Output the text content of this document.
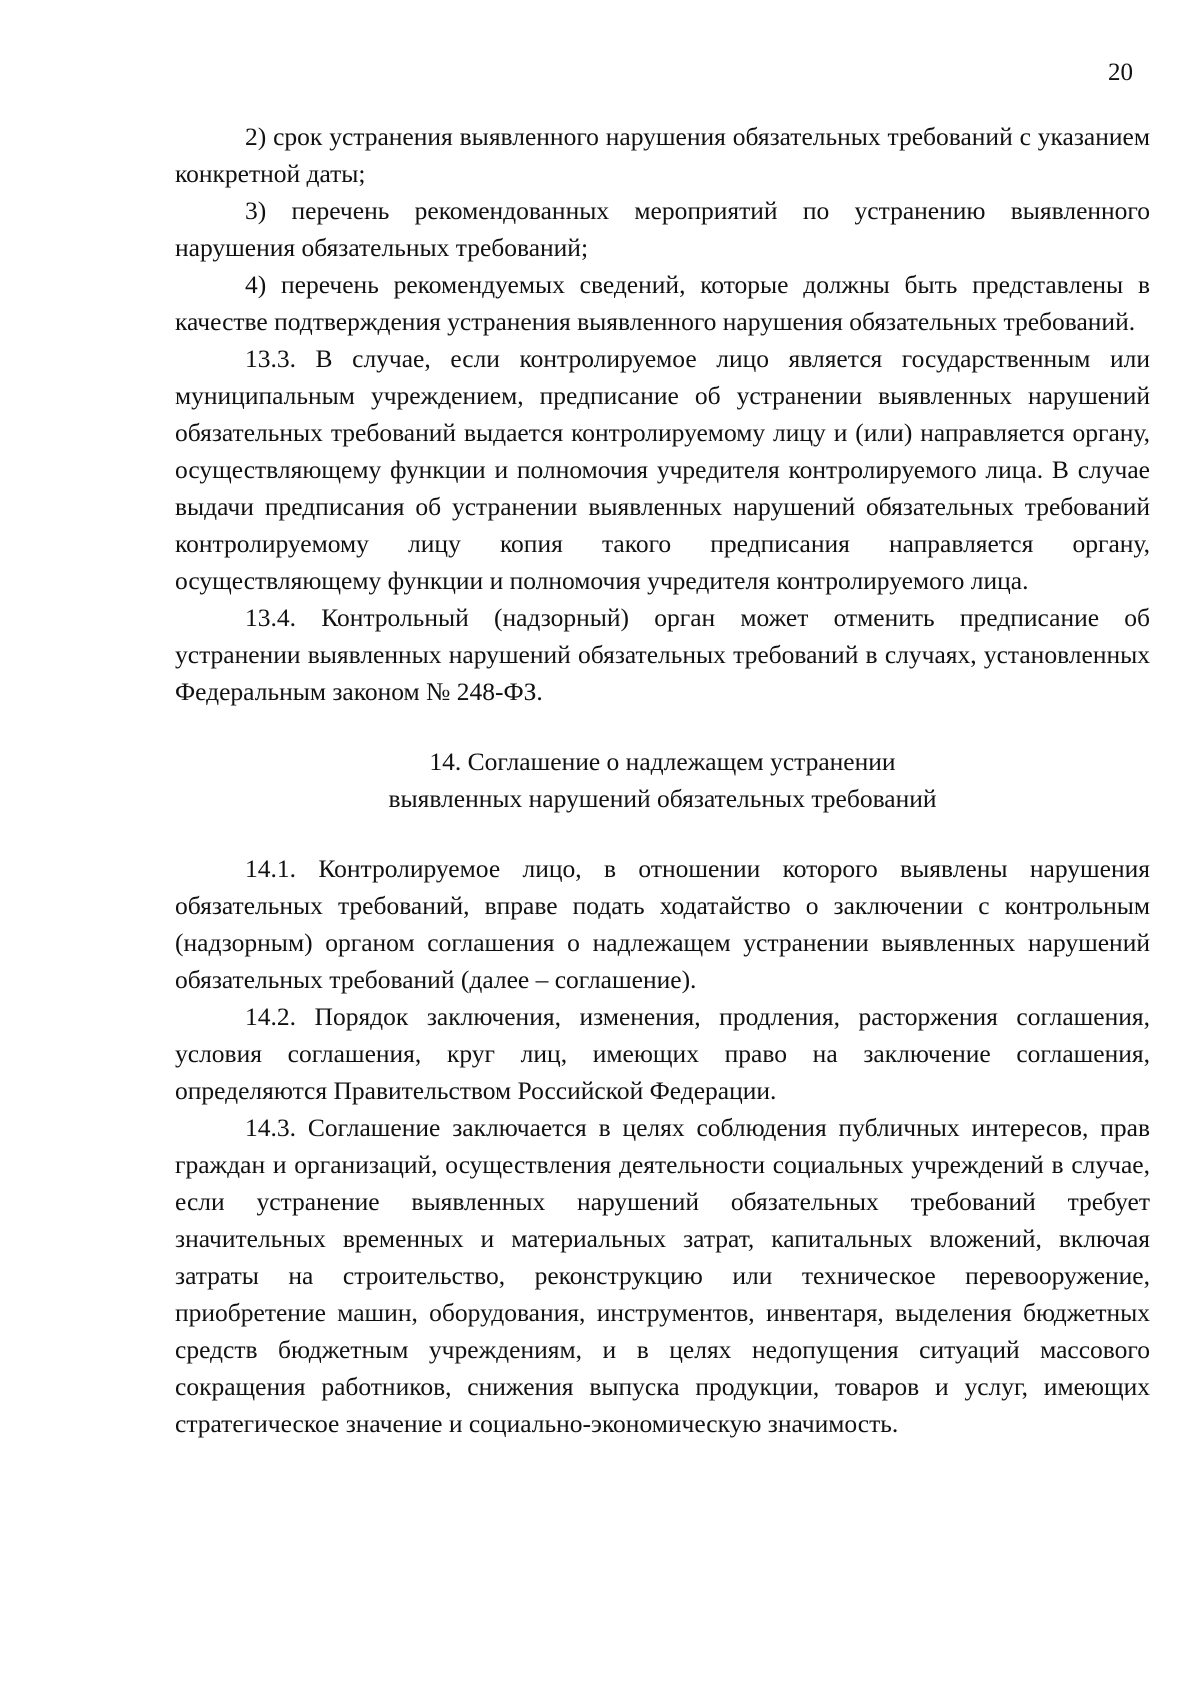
20

2) срок устранения выявленного нарушения обязательных требований с указанием конкретной даты;

3) перечень рекомендованных мероприятий по устранению выявленного нарушения обязательных требований;

4) перечень рекомендуемых сведений, которые должны быть представлены в качестве подтверждения устранения выявленного нарушения обязательных требований.

13.3. В случае, если контролируемое лицо является государственным или муниципальным учреждением, предписание об устранении выявленных нарушений обязательных требований выдается контролируемому лицу и (или) направляется органу, осуществляющему функции и полномочия учредителя контролируемого лица. В случае выдачи предписания об устранении выявленных нарушений обязательных требований контролируемому лицу копия такого предписания направляется органу, осуществляющему функции и полномочия учредителя контролируемого лица.

13.4. Контрольный (надзорный) орган может отменить предписание об устранении выявленных нарушений обязательных требований в случаях, установленных Федеральным законом № 248-ФЗ.

14. Соглашение о надлежащем устранении
выявленных нарушений обязательных требований

14.1. Контролируемое лицо, в отношении которого выявлены нарушения обязательных требований, вправе подать ходатайство о заключении с контрольным (надзорным) органом соглашения о надлежащем устранении выявленных нарушений обязательных требований (далее – соглашение).

14.2. Порядок заключения, изменения, продления, расторжения соглашения, условия соглашения, круг лиц, имеющих право на заключение соглашения, определяются Правительством Российской Федерации.

14.3. Соглашение заключается в целях соблюдения публичных интересов, прав граждан и организаций, осуществления деятельности социальных учреждений в случае, если устранение выявленных нарушений обязательных требований требует значительных временных и материальных затрат, капитальных вложений, включая затраты на строительство, реконструкцию или техническое перевооружение, приобретение машин, оборудования, инструментов, инвентаря, выделения бюджетных средств бюджетным учреждениям, и в целях недопущения ситуаций массового сокращения работников, снижения выпуска продукции, товаров и услуг, имеющих стратегическое значение и социально-экономическую значимость.
